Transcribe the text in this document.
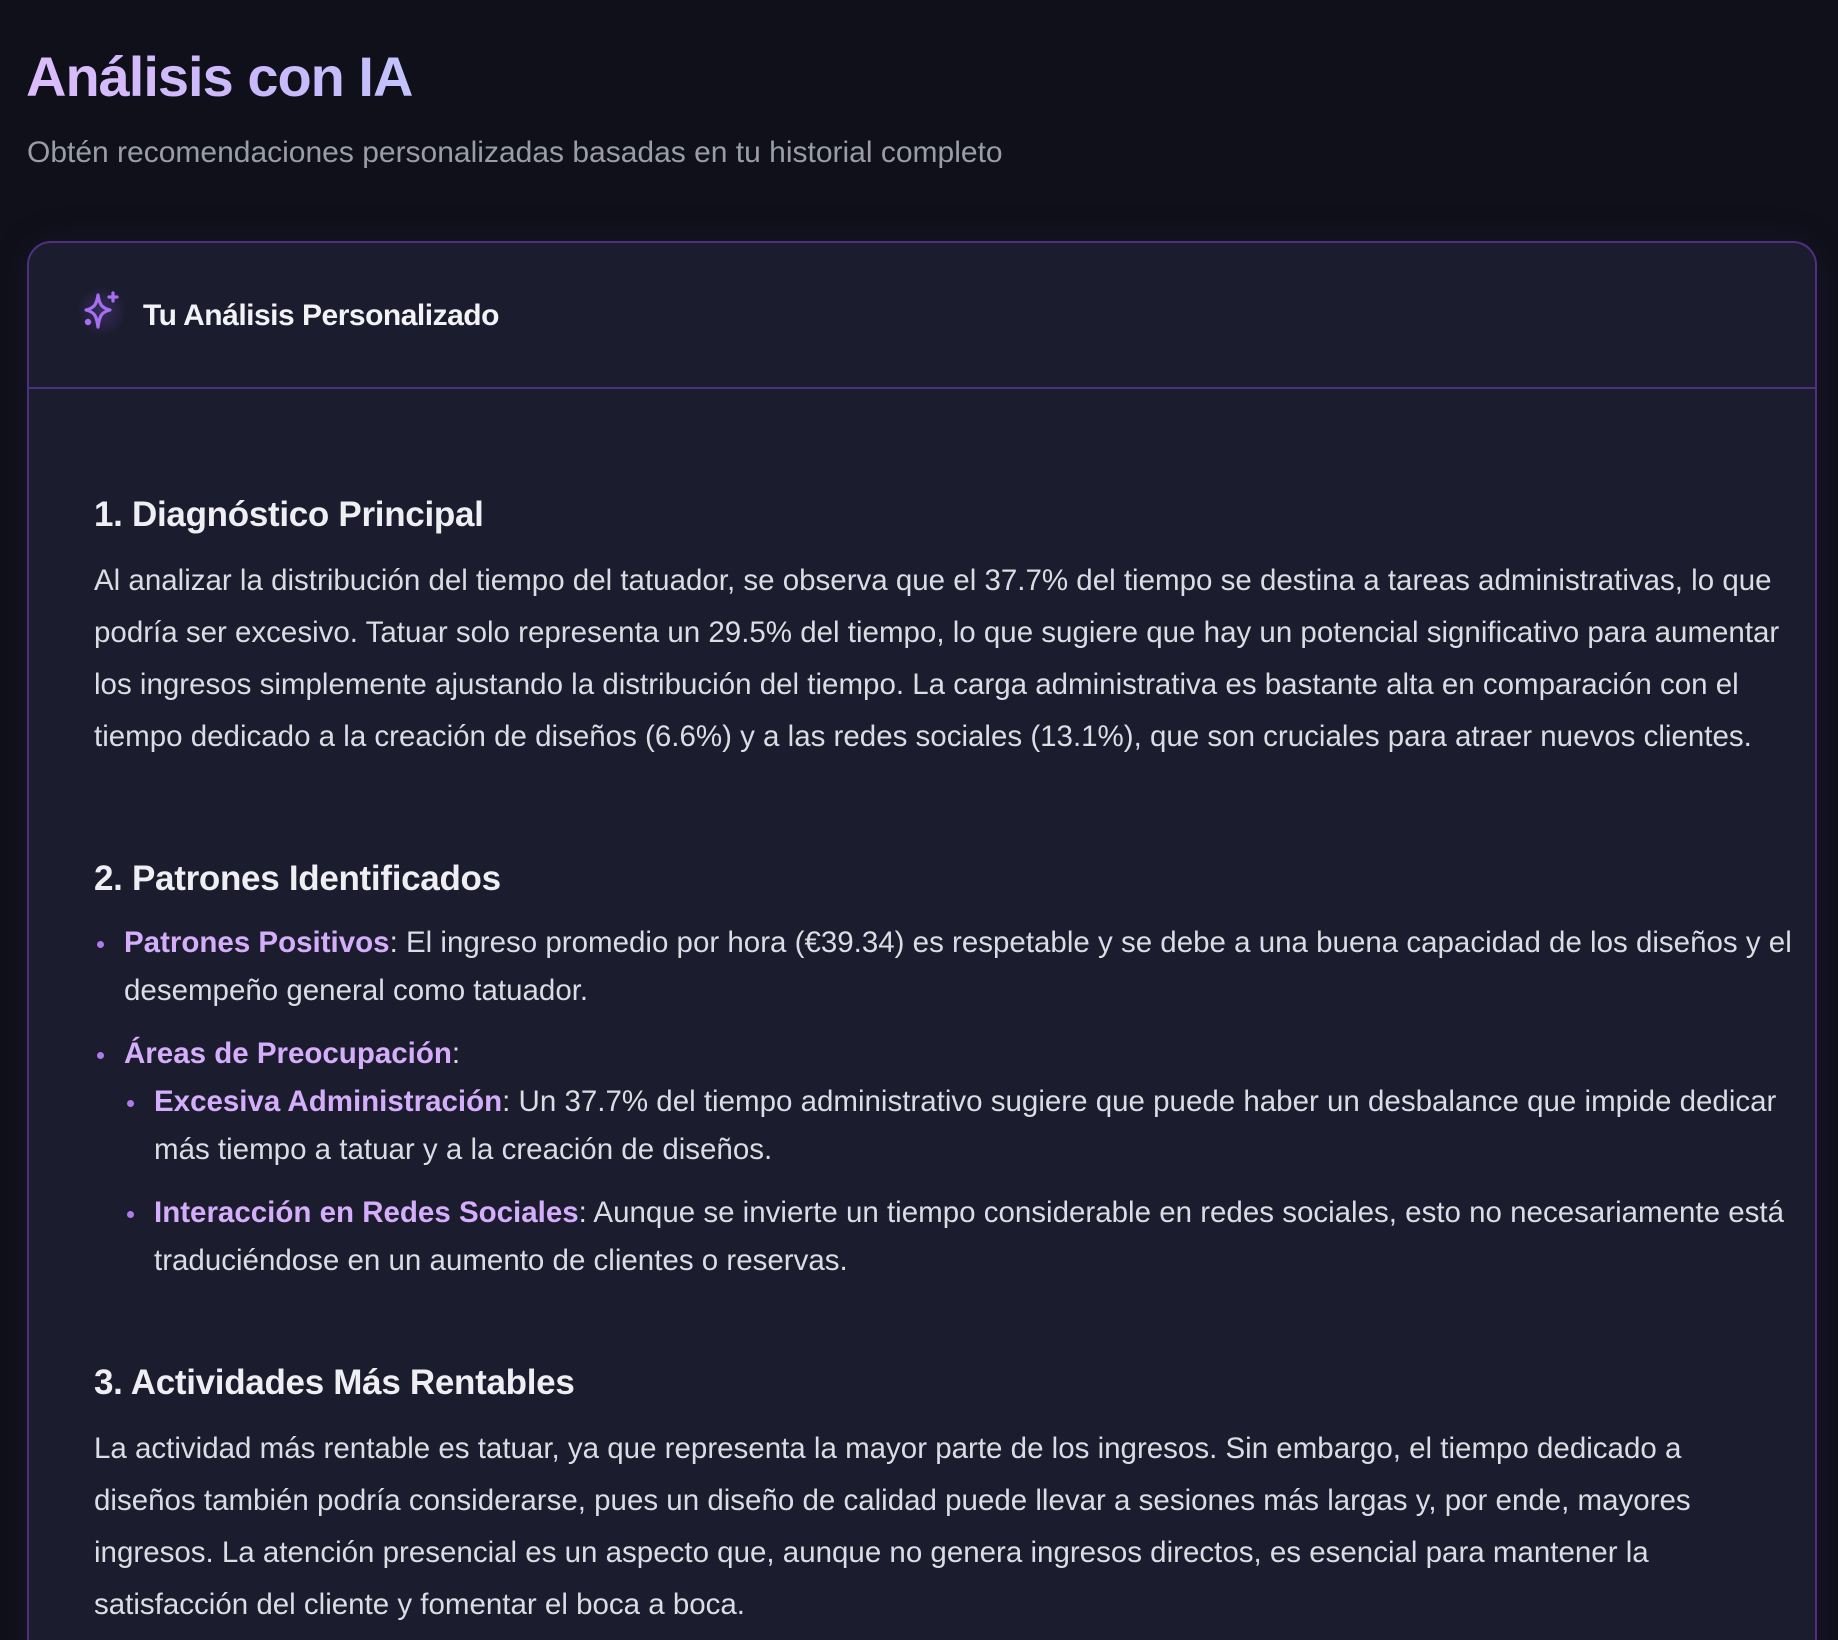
Análisis con IA
Obtén recomendaciones personalizadas basadas en tu historial completo
Tu Análisis Personalizado
1. Diagnóstico Principal

Al analizar la distribución del tiempo del tatuador, se observa que el 37.7% del tiempo se destina a tareas administrativas, lo que podría ser excesivo. Tatuar solo representa un 29.5% del tiempo, lo que sugiere que hay un potencial significativo para aumentar los ingresos simplemente ajustando la distribución del tiempo. La carga administrativa es bastante alta en comparación con el tiempo dedicado a la creación de diseños (6.6%) y a las redes sociales (13.1%), que son cruciales para atraer nuevos clientes.

2. Patrones Identificados
Patrones Positivos: El ingreso promedio por hora (€39.34) es respetable y se debe a una buena capacidad de los diseños y el desempeño general como tatuador.
Áreas de Preocupación:
Excesiva Administración: Un 37.7% del tiempo administrativo sugiere que puede haber un desbalance que impide dedicar más tiempo a tatuar y a la creación de diseños.
Interacción en Redes Sociales: Aunque se invierte un tiempo considerable en redes sociales, esto no necesariamente está traduciéndose en un aumento de clientes o reservas.
3. Actividades Más Rentables

La actividad más rentable es tatuar, ya que representa la mayor parte de los ingresos. Sin embargo, el tiempo dedicado a diseños también podría considerarse, pues un diseño de calidad puede llevar a sesiones más largas y, por ende, mayores ingresos. La atención presencial es un aspecto que, aunque no genera ingresos directos, es esencial para mantener la satisfacción del cliente y fomentar el boca a boca.
